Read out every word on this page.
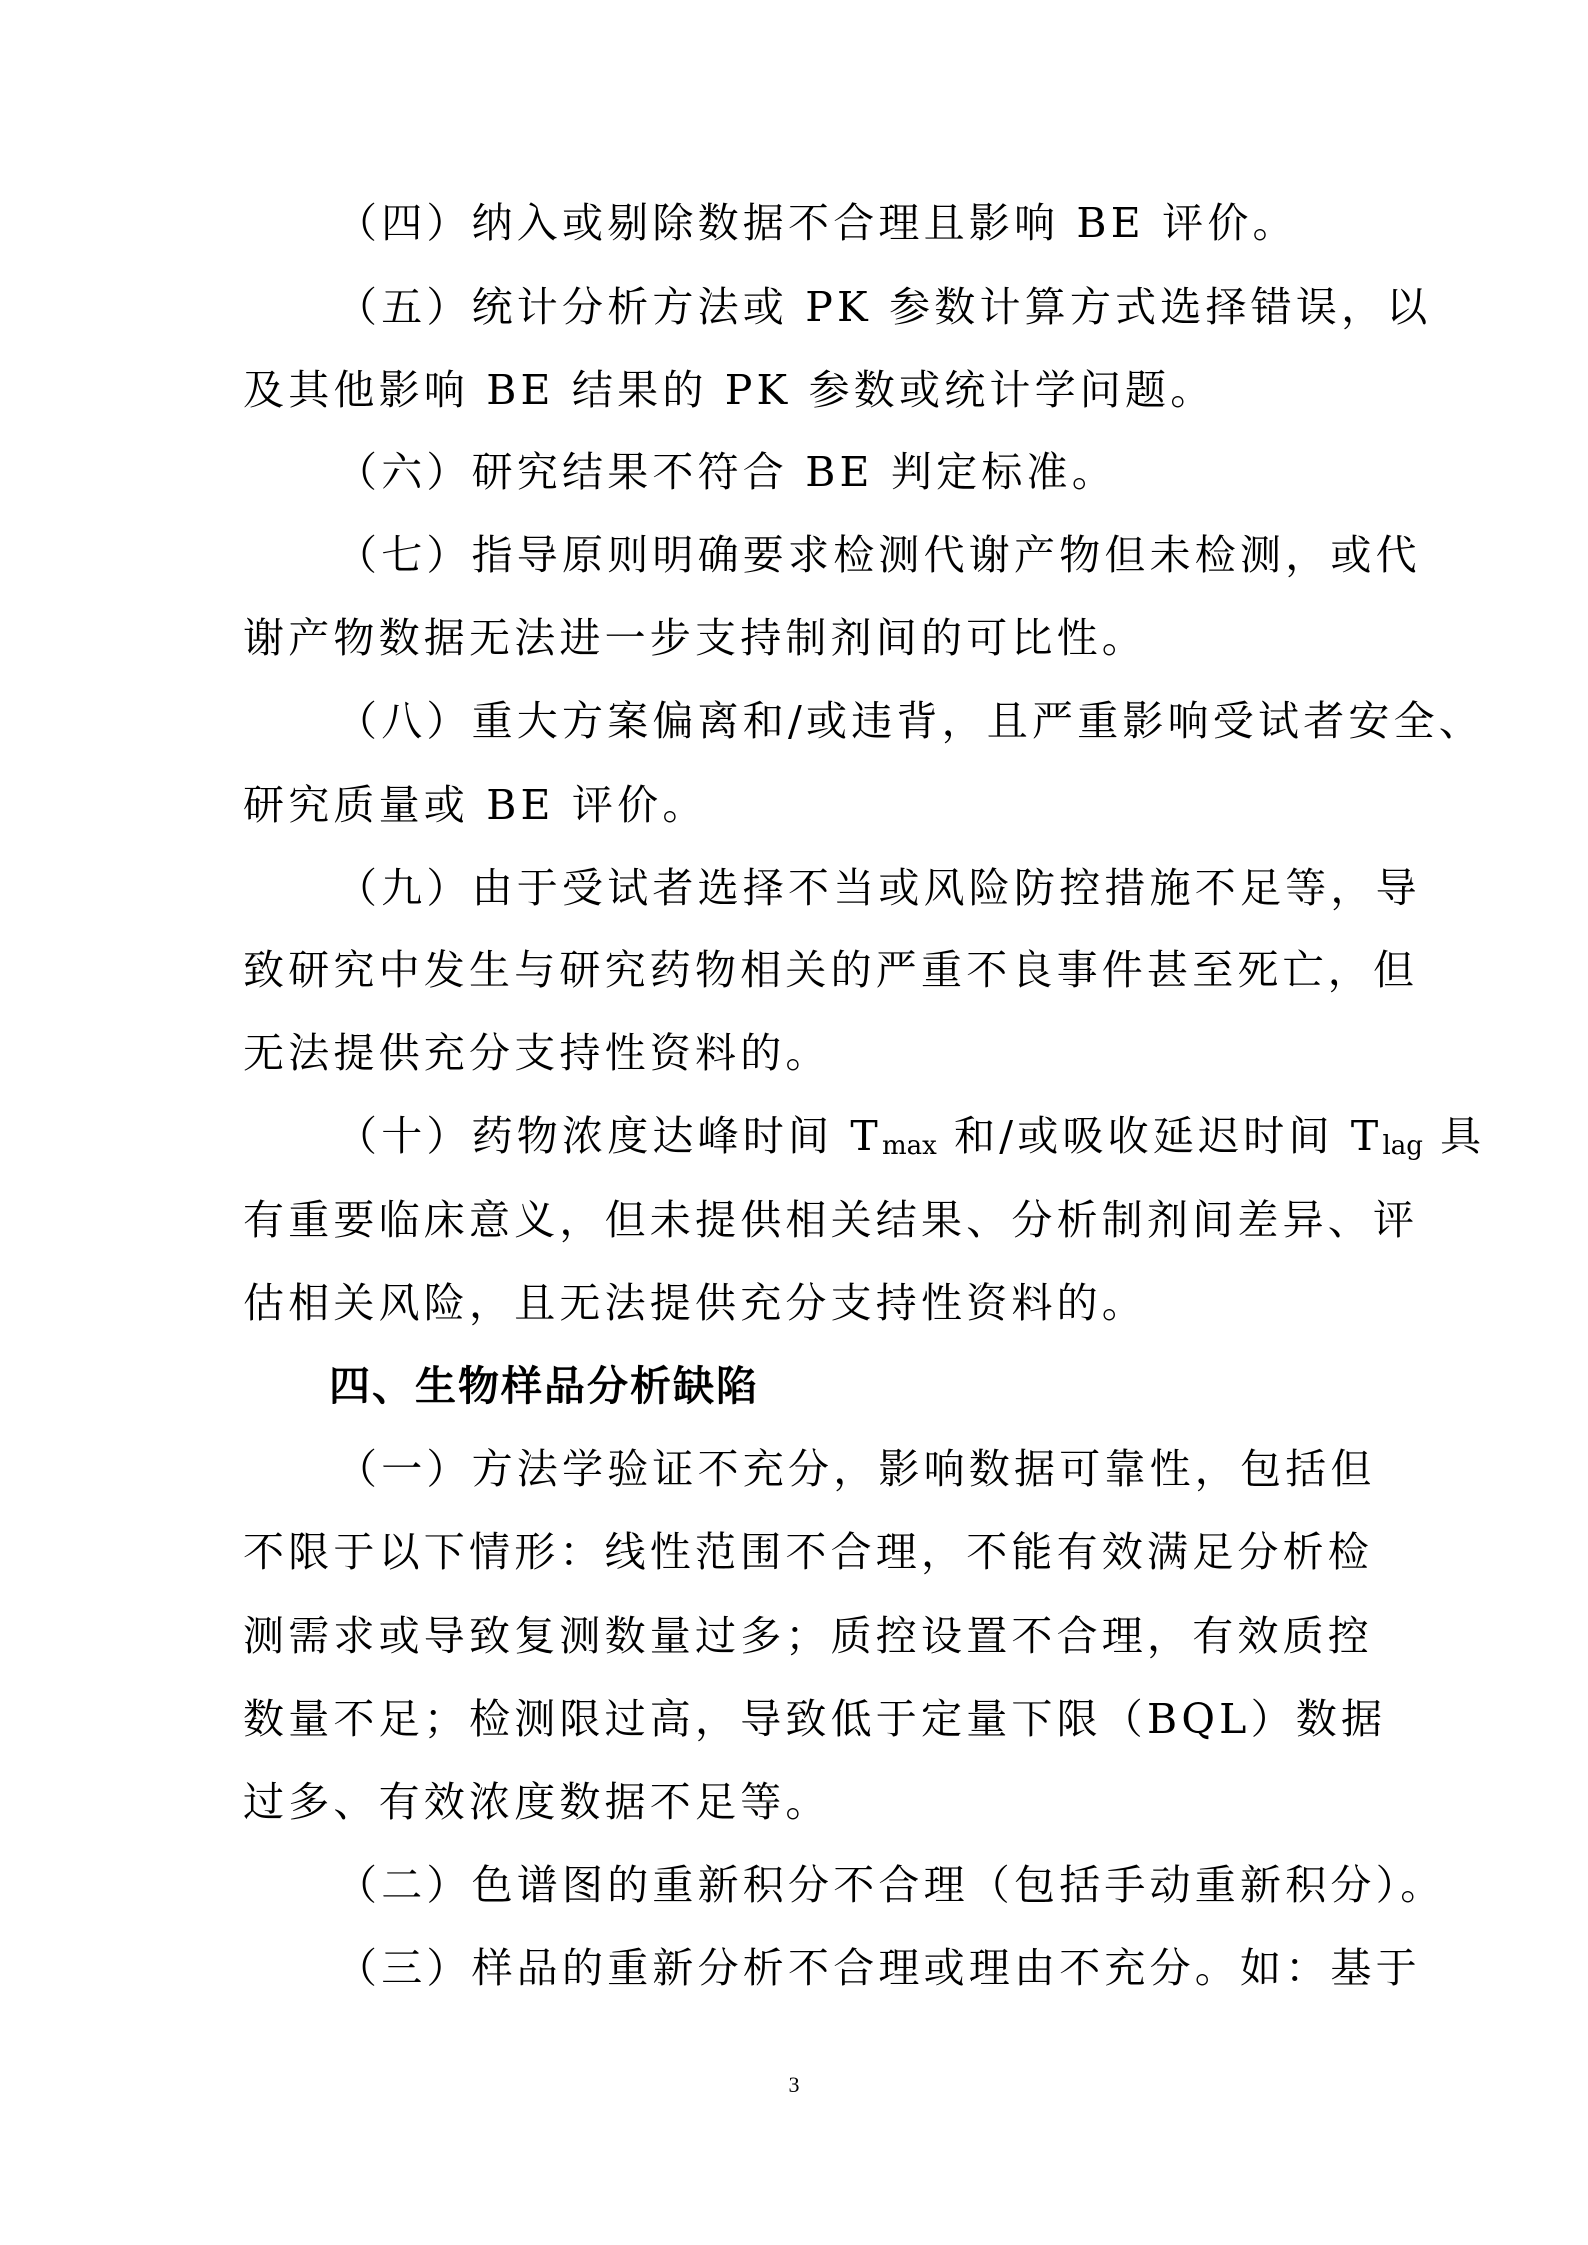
（四）纳入或剔除数据不合理且影响 BE 评价。
（五）统计分析方法或 PK 参数计算方式选择错误，以
及其他影响 BE 结果的 PK 参数或统计学问题。
（六）研究结果不符合 BE 判定标准。
（七）指导原则明确要求检测代谢产物但未检测，或代
谢产物数据无法进一步支持制剂间的可比性。
（八）重大方案偏离和/或违背，且严重影响受试者安全、
研究质量或 BE 评价。
（九）由于受试者选择不当或风险防控措施不足等，导
致研究中发生与研究药物相关的严重不良事件甚至死亡，但
无法提供充分支持性资料的。
（十）药物浓度达峰时间 $T_{max}$ 和/或吸收延迟时间 $T_{lag}$ 具
有重要临床意义，但未提供相关结果、分析制剂间差异、评
估相关风险，且无法提供充分支持性资料的。
四、生物样品分析缺陷
（一）方法学验证不充分，影响数据可靠性，包括但
不限于以下情形：线性范围不合理，不能有效满足分析检
测需求或导致复测数量过多；质控设置不合理，有效质控
数量不足；检测限过高，导致低于定量下限（BQL）数据
过多、有效浓度数据不足等。
（二）色谱图的重新积分不合理（包括手动重新积分）。
（三）样品的重新分析不合理或理由不充分。如：基于
3
